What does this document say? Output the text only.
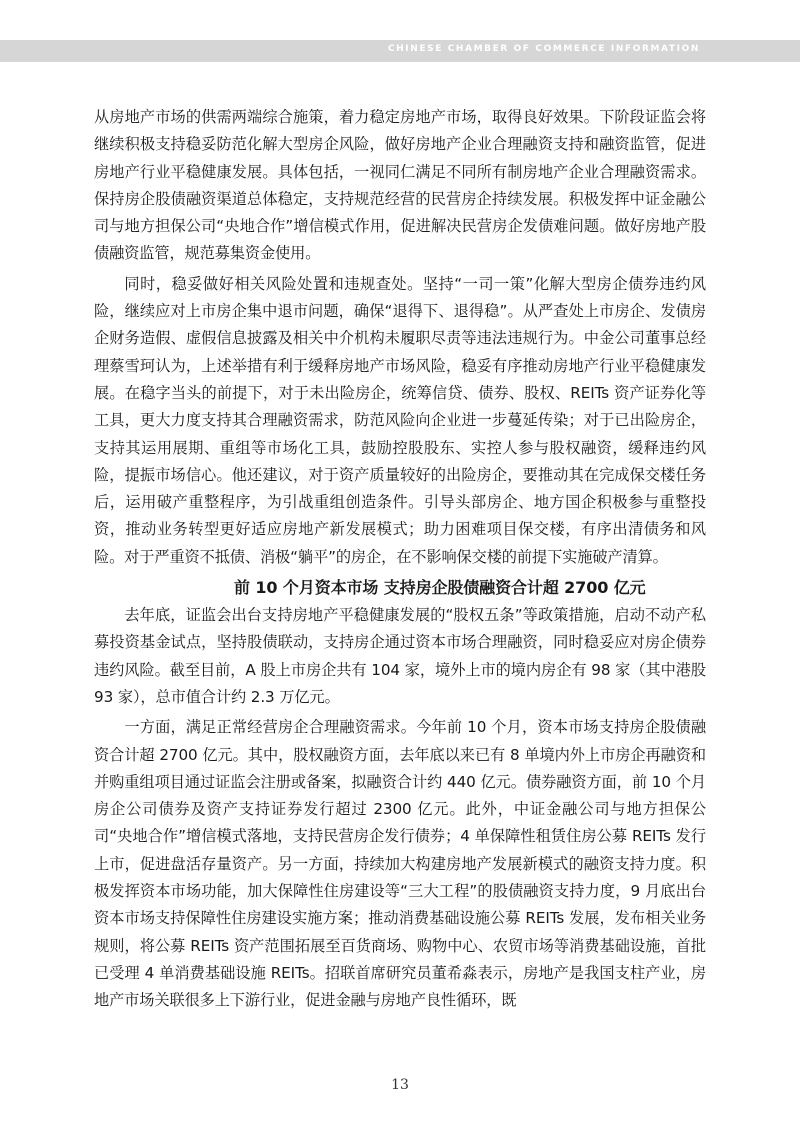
CHINESE CHAMBER OF COMMERCE INFORMATION

从房地产市场的供需两端综合施策，着力稳定房地产市场，取得良好效果。下阶段证监会将继续积极支持稳妥防范化解大型房企风险，做好房地产企业合理融资支持和融资监管，促进房地产行业平稳健康发展。具体包括，一视同仁满足不同所有制房地产企业合理融资需求。保持房企股债融资渠道总体稳定，支持规范经营的民营房企持续发展。积极发挥中证金融公司与地方担保公司“央地合作”增信模式作用，促进解决民营房企发债难问题。做好房地产股债融资监管，规范募集资金使用。

同时，稳妥做好相关风险处置和违规查处。坚持“一司一策”化解大型房企债券违约风险，继续应对上市房企集中退市问题，确保“退得下、退得稳”。从严查处上市房企、发债房企财务造假、虚假信息披露及相关中介机构未履职尽责等违法违规行为。中金公司董事总经理蔡雪珂认为，上述举措有利于缓释房地产市场风险，稳妥有序推动房地产行业平稳健康发展。在稳字当头的前提下，对于未出险房企，统筹信贷、债券、股权、REITs 资产证券化等工具，更大力度支持其合理融资需求，防范风险向企业进一步蔓延传染；对于已出险房企，支持其运用展期、重组等市场化工具，鼓励控股股东、实控人参与股权融资，缓释违约风险，提振市场信心。他还建议，对于资产质量较好的出险房企，要推动其在完成保交楼任务后，运用破产重整程序，为引战重组创造条件。引导头部房企、地方国企积极参与重整投资，推动业务转型更好适应房地产新发展模式；助力困难项目保交楼，有序出清债务和风险。对于严重资不抵债、消极“躺平”的房企，在不影响保交楼的前提下实施破产清算。

前 10 个月资本市场 支持房企股债融资合计超 2700 亿元

去年底，证监会出台支持房地产平稳健康发展的“股权五条”等政策措施，启动不动产私募投资基金试点，坚持股债联动，支持房企通过资本市场合理融资，同时稳妥应对房企债券违约风险。截至目前，A 股上市房企共有 104 家，境外上市的境内房企有 98 家（其中港股 93 家），总市值合计约 2.3 万亿元。

一方面，满足正常经营房企合理融资需求。今年前 10 个月，资本市场支持房企股债融资合计超 2700 亿元。其中，股权融资方面，去年底以来已有 8 单境内外上市房企再融资和并购重组项目通过证监会注册或备案，拟融资合计约 440 亿元。债券融资方面，前 10 个月房企公司债券及资产支持证券发行超过 2300 亿元。此外，中证金融公司与地方担保公司“央地合作”增信模式落地，支持民营房企发行债券；4 单保障性租赁住房公募 REITs 发行上市，促进盘活存量资产。另一方面，持续加大构建房地产发展新模式的融资支持力度。积极发挥资本市场功能，加大保障性住房建设等“三大工程”的股债融资支持力度，9 月底出台资本市场支持保障性住房建设实施方案；推动消费基础设施公募 REITs 发展，发布相关业务规则，将公募 REITs 资产范围拓展至百货商场、购物中心、农贸市场等消费基础设施，首批已受理 4 单消费基础设施 REITs。招联首席研究员董希淼表示，房地产是我国支柱产业，房地产市场关联很多上下游行业，促进金融与房地产良性循环，既

13
